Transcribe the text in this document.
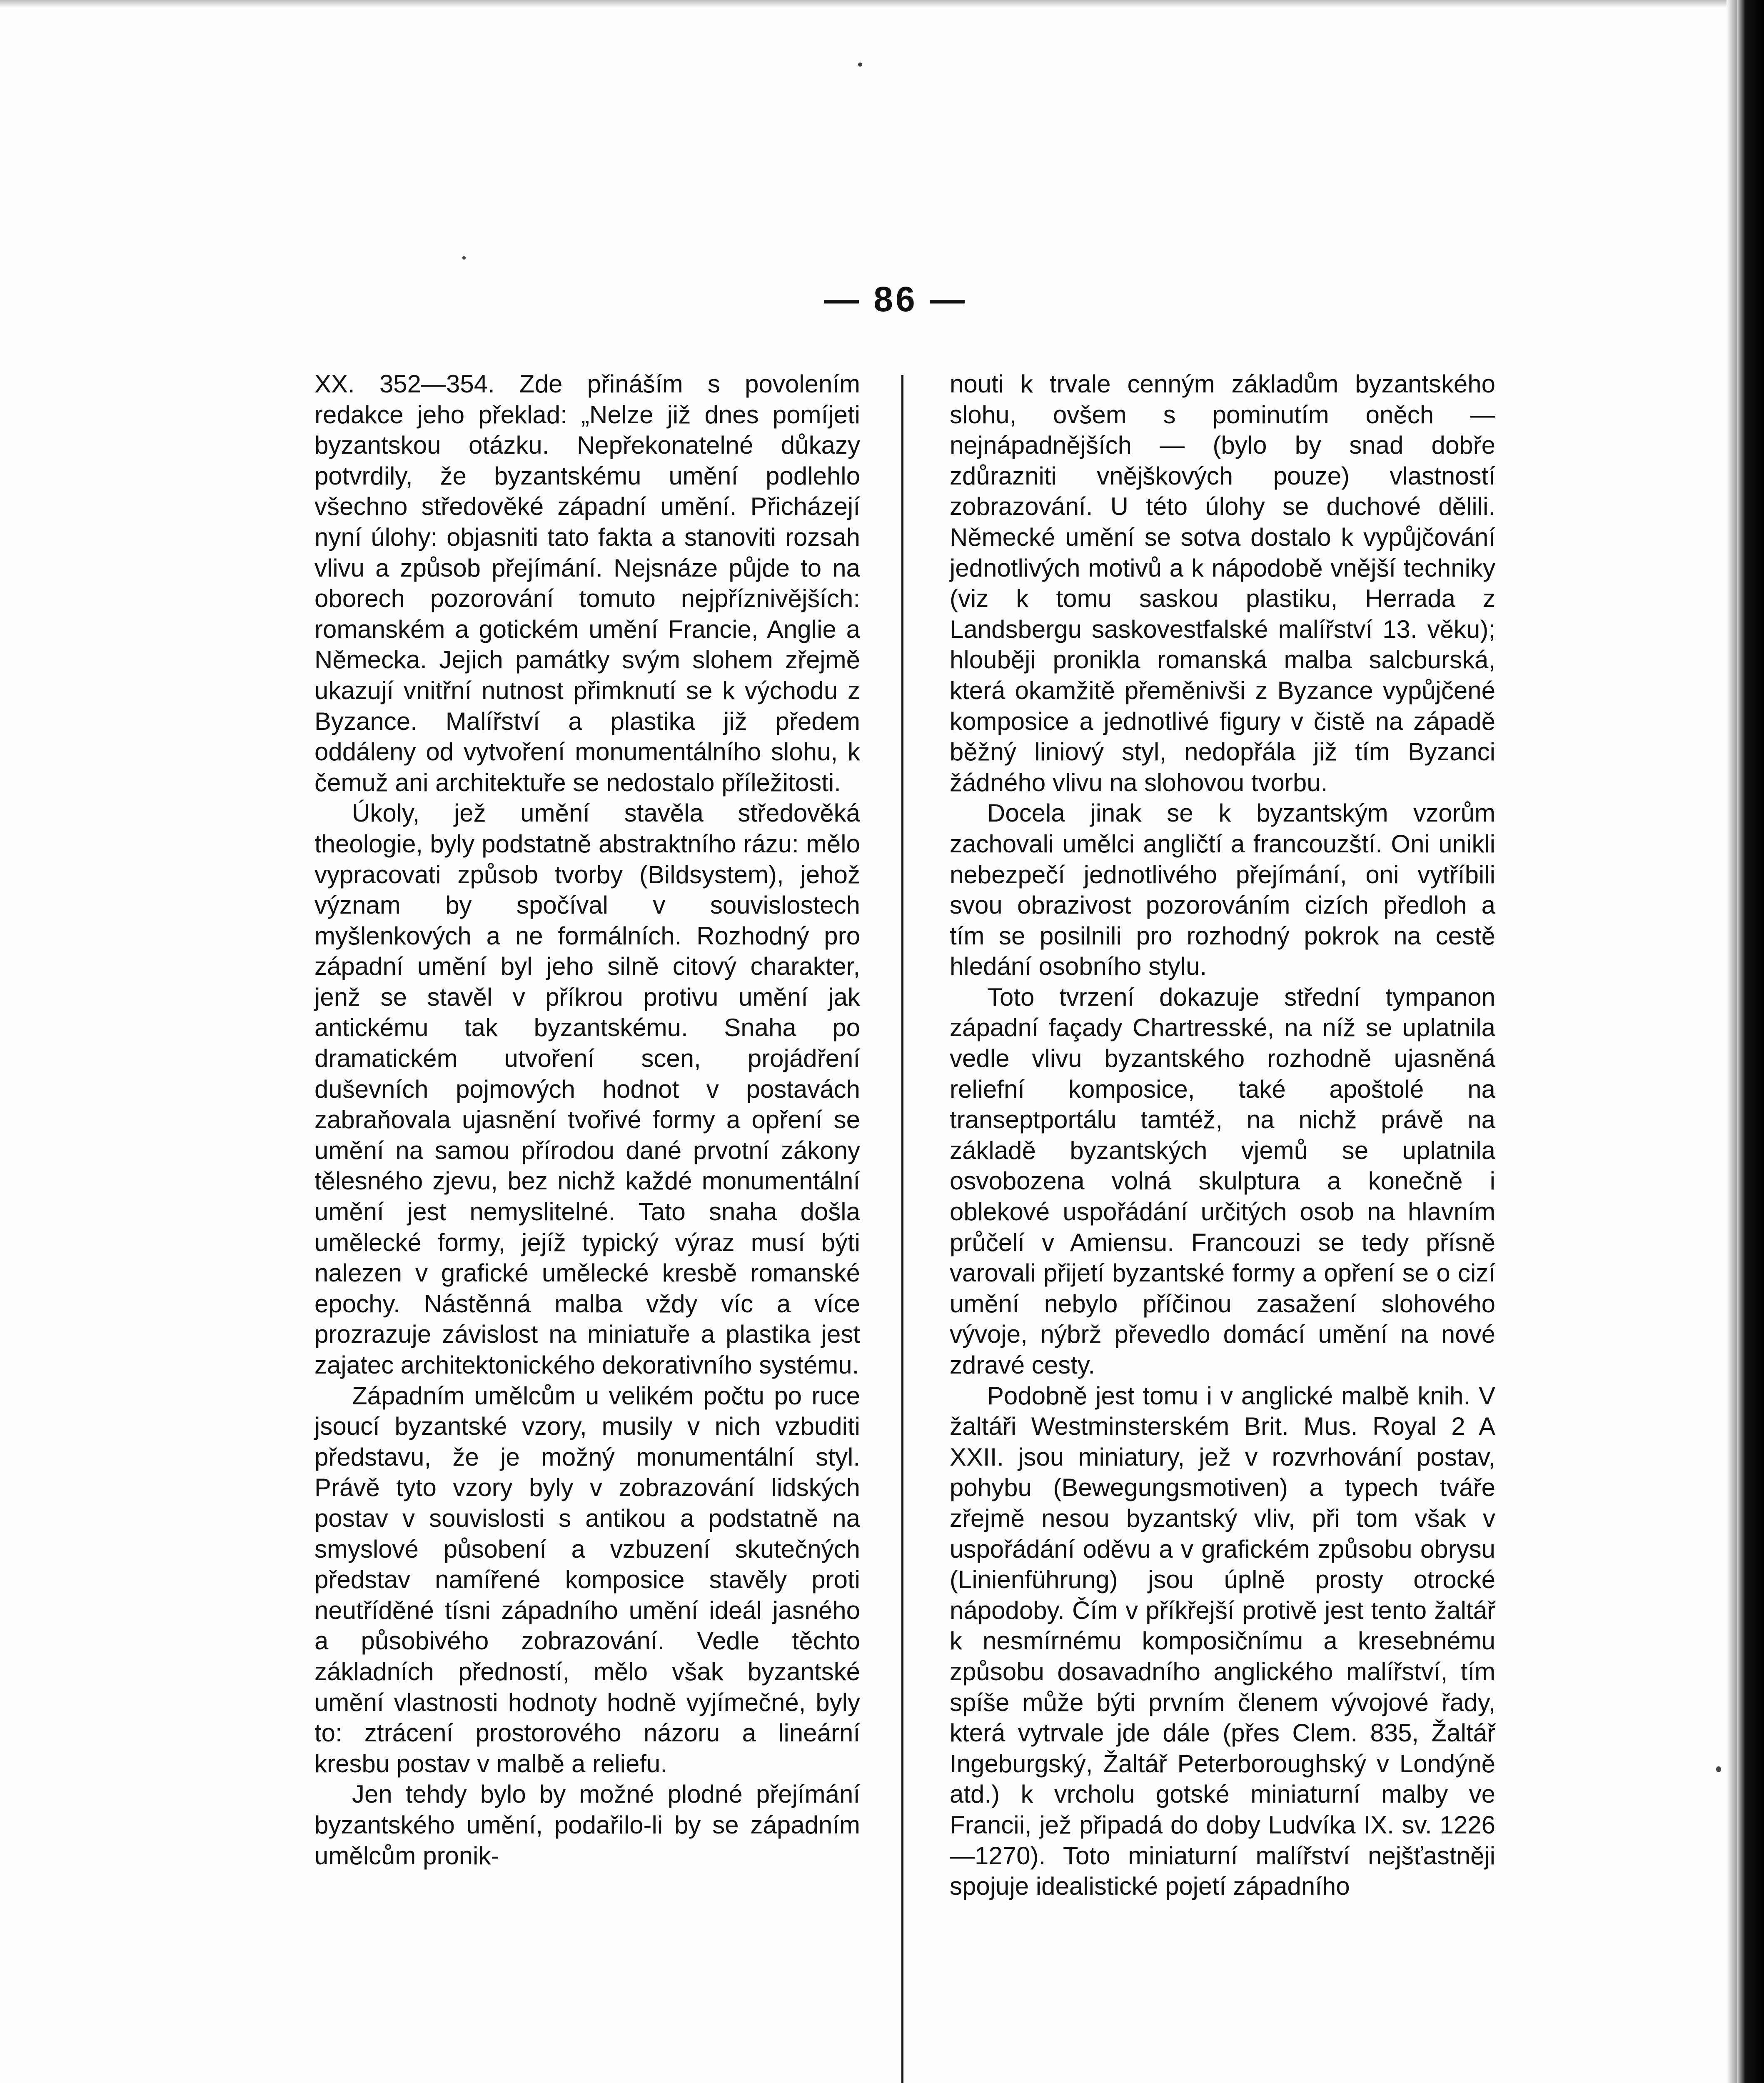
— 86 —

XX. 352—354. Zde přináším s povolením redakce jeho překlad: „Nelze již dnes pomíjeti byzantskou otázku. Nepřekonatelné důkazy potvrdily, že byzantskému umění podlehlo všechno středověké západní umění. Přicházejí nyní úlohy: objasniti tato fakta a stanoviti rozsah vlivu a způsob přejímání. Nejsnáze půjde to na oborech pozorování tomuto nejpříznivějších: romanském a gotickém umění Francie, Anglie a Německa. Jejich památky svým slohem zřejmě ukazují vnitřní nutnost přimknutí se k východu z Byzance. Malířství a plastika již předem oddáleny od vytvoření monumentálního slohu, k čemuž ani architektuře se nedostalo příležitosti.

Úkoly, jež umění stavěla středověká theologie, byly podstatně abstraktního rázu: mělo vypracovati způsob tvorby (Bildsystem), jehož význam by spočíval v souvislostech myšlenkových a ne formálních. Rozhodný pro západní umění byl jeho silně citový charakter, jenž se stavěl v příkrou protivu umění jak antickému tak byzantskému. Snaha po dramatickém utvoření scen, projádření duševních pojmových hodnot v postavách zabraňovala ujasnění tvořivé formy a opření se umění na samou přírodou dané prvotní zákony tělesného zjevu, bez nichž každé monumentální umění jest nemyslitelné. Tato snaha došla umělecké formy, jejíž typický výraz musí býti nalezen v grafické umělecké kresbě romanské epochy. Nástěnná malba vždy víc a více prozrazuje závislost na miniatuře a plastika jest zajatec architektonického dekorativního systému.

Západním umělcům u velikém počtu po ruce jsoucí byzantské vzory, musily v nich vzbuditi představu, že je možný monumentální styl. Právě tyto vzory byly v zobrazování lidských postav v souvislosti s antikou a podstatně na smyslové působení a vzbuzení skutečných představ namířené komposice stavěly proti neutříděné tísni západního umění ideál jasného a působivého zobrazování. Vedle těchto základních předností, mělo však byzantské umění vlastnosti hodnoty hodně vyjímečné, byly to: ztrácení prostorového názoru a lineární kresbu postav v malbě a reliefu.

Jen tehdy bylo by možné plodné přejímání byzantského umění, podařilo-li by se západním umělcům pronik-

nouti k trvale cenným základům byzantského slohu, ovšem s pominutím oněch — nejnápadnějších — (bylo by snad dobře zdůrazniti vnějškových pouze) vlastností zobrazování. U této úlohy se duchové dělili. Německé umění se sotva dostalo k vypůjčování jednotlivých motivů a k nápodobě vnější techniky (viz k tomu saskou plastiku, Herrada z Landsbergu saskovestfalské malířství 13. věku); hlouběji pronikla romanská malba salcburská, která okamžitě přeměnivši z Byzance vypůjčené komposice a jednotlivé figury v čistě na západě běžný liniový styl, nedopřála již tím Byzanci žádného vlivu na slohovou tvorbu.

Docela jinak se k byzantským vzorům zachovali umělci angličtí a francouzští. Oni unikli nebezpečí jednotlivého přejímání, oni vytříbili svou obrazivost pozorováním cizích předloh a tím se posilnili pro rozhodný pokrok na cestě hledání osobního stylu.

Toto tvrzení dokazuje střední tympanon západní façady Chartresské, na níž se uplatnila vedle vlivu byzantského rozhodně ujasněná reliefní komposice, také apoštolé na transeptportálu tamtéž, na nichž právě na základě byzantských vjemů se uplatnila osvobozena volná skulptura a konečně i oblekové uspořádání určitých osob na hlavním průčelí v Amiensu. Francouzi se tedy přísně varovali přijetí byzantské formy a opření se o cizí umění nebylo příčinou zasažení slohového vývoje, nýbrž převedlo domácí umění na nové zdravé cesty.

Podobně jest tomu i v anglické malbě knih. V žaltáři Westminsterském Brit. Mus. Royal 2 A XXII. jsou miniatury, jež v rozvrhování postav, pohybu (Bewegungsmotiven) a typech tváře zřejmě nesou byzantský vliv, při tom však v uspořádání oděvu a v grafickém způsobu obrysu (Linienführung) jsou úplně prosty otrocké nápodoby. Čím v příkřejší protivě jest tento žaltář k nesmírnému komposičnímu a kresebnému způsobu dosavadního anglického malířství, tím spíše může býti prvním členem vývojové řady, která vytrvale jde dále (přes Clem. 835, Žaltář Ingeburgský, Žaltář Peterboroughský v Londýně atd.) k vrcholu gotské miniaturní malby ve Francii, jež připadá do doby Ludvíka IX. sv. 1226—1270). Toto miniaturní malířství nejšťastněji spojuje idealistické pojetí západního
